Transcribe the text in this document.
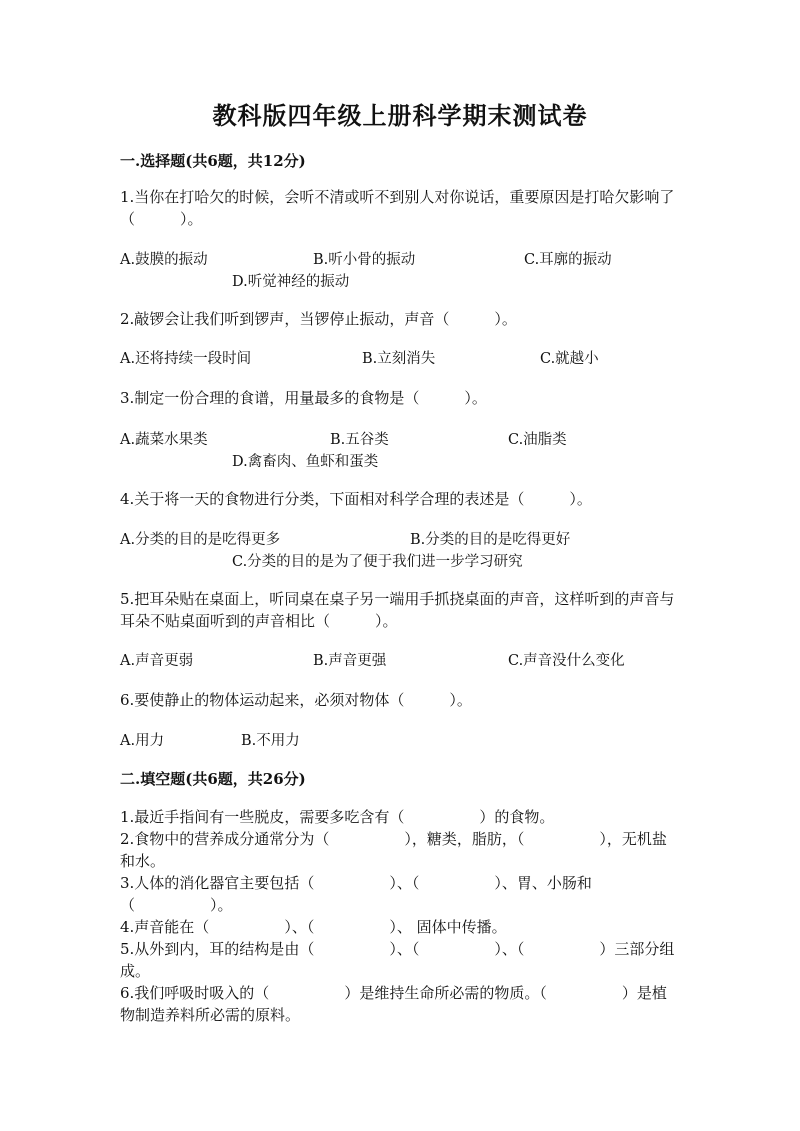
教科版四年级上册科学期末测试卷
一.选择题(共6题，共12分)
1.当你在打哈欠的时候，会听不清或听不到别人对你说话，重要原因是打哈欠影响了（　　　）。
A.鼓膜的振动	B.听小骨的振动	C.耳廓的振动
D.听觉神经的振动
2.敲锣会让我们听到锣声，当锣停止振动，声音（　　　）。
A.还将持续一段时间	B.立刻消失	C.就越小
3.制定一份合理的食谱，用量最多的食物是（　　　）。
A.蔬菜水果类	B.五谷类	C.油脂类
D.禽畜肉、鱼虾和蛋类
4.关于将一天的食物进行分类，下面相对科学合理的表述是（　　　）。
A.分类的目的是吃得更多	B.分类的目的是吃得更好
C.分类的目的是为了便于我们进一步学习研究
5.把耳朵贴在桌面上，听同桌在桌子另一端用手抓挠桌面的声音，这样听到的声音与耳朵不贴桌面听到的声音相比（　　　）。
A.声音更弱	B.声音更强	C.声音没什么变化
6.要使静止的物体运动起来，必须对物体（　　　）。
A.用力	B.不用力
二.填空题(共6题，共26分)
1.最近手指间有一些脱皮，需要多吃含有（　　　　　）的食物。
2.食物中的营养成分通常分为（　　　　　），糖类，脂肪，（　　　　　），无机盐和水。
3.人体的消化器官主要包括（　　　　　）、（　　　　　）、胃、小肠和（　　　　　）。
4.声音能在（　　　　　）、（　　　　　）、 固体中传播。
5.从外到内，耳的结构是由（　　　　　）、（　　　　　）、（　　　　　）三部分组成。
6.我们呼吸时吸入的（　　　　　）是维持生命所必需的物质。（　　　　　）是植物制造养料所必需的原料。
